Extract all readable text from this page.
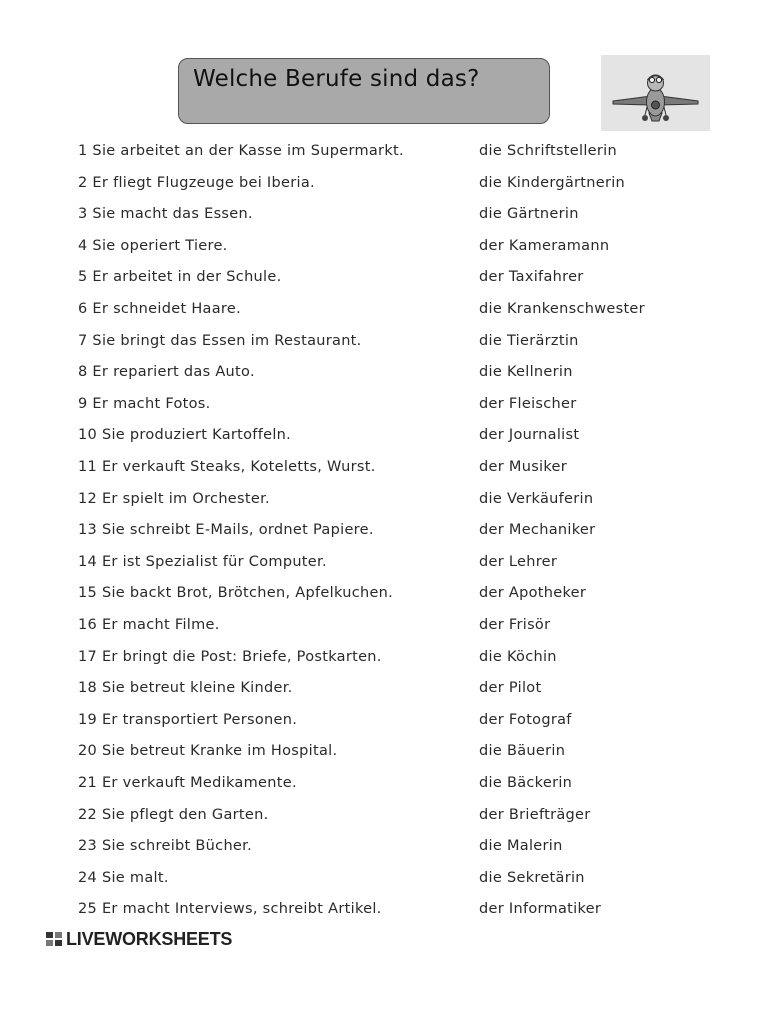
Welche Berufe sind das?
1 Sie arbeitet an der Kasse im Supermarkt.	die Schriftstellerin
2 Er fliegt Flugzeuge bei Iberia.	die Kindergärtnerin
3 Sie macht das Essen.	die Gärtnerin
4 Sie operiert Tiere.	der Kameramann
5 Er arbeitet in der Schule.	der Taxifahrer
6 Er schneidet Haare.	die Krankenschwester
7 Sie bringt das Essen im Restaurant.	die Tierärztin
8 Er repariert das Auto.	die Kellnerin
9 Er macht Fotos.	der Fleischer
10 Sie produziert Kartoffeln.	der Journalist
11 Er verkauft Steaks, Koteletts, Wurst.	der Musiker
12 Er spielt im Orchester.	die Verkäuferin
13 Sie schreibt E-Mails, ordnet Papiere.	der Mechaniker
14 Er ist Spezialist für Computer.	der Lehrer
15 Sie backt Brot, Brötchen, Apfelkuchen.	der Apotheker
16 Er macht Filme.	der Frisör
17 Er bringt die Post: Briefe, Postkarten.	die Köchin
18 Sie betreut kleine Kinder.	der Pilot
19 Er transportiert Personen.	der Fotograf
20 Sie betreut Kranke im Hospital.	die Bäuerin
21 Er verkauft Medikamente.	die Bäckerin
22 Sie pflegt den Garten.	der Briefträger
23 Sie schreibt Bücher.	die Malerin
24 Sie malt.	die Sekretärin
25 Er macht Interviews, schreibt Artikel.	der Informatiker
LIVEWORKSHEETS
